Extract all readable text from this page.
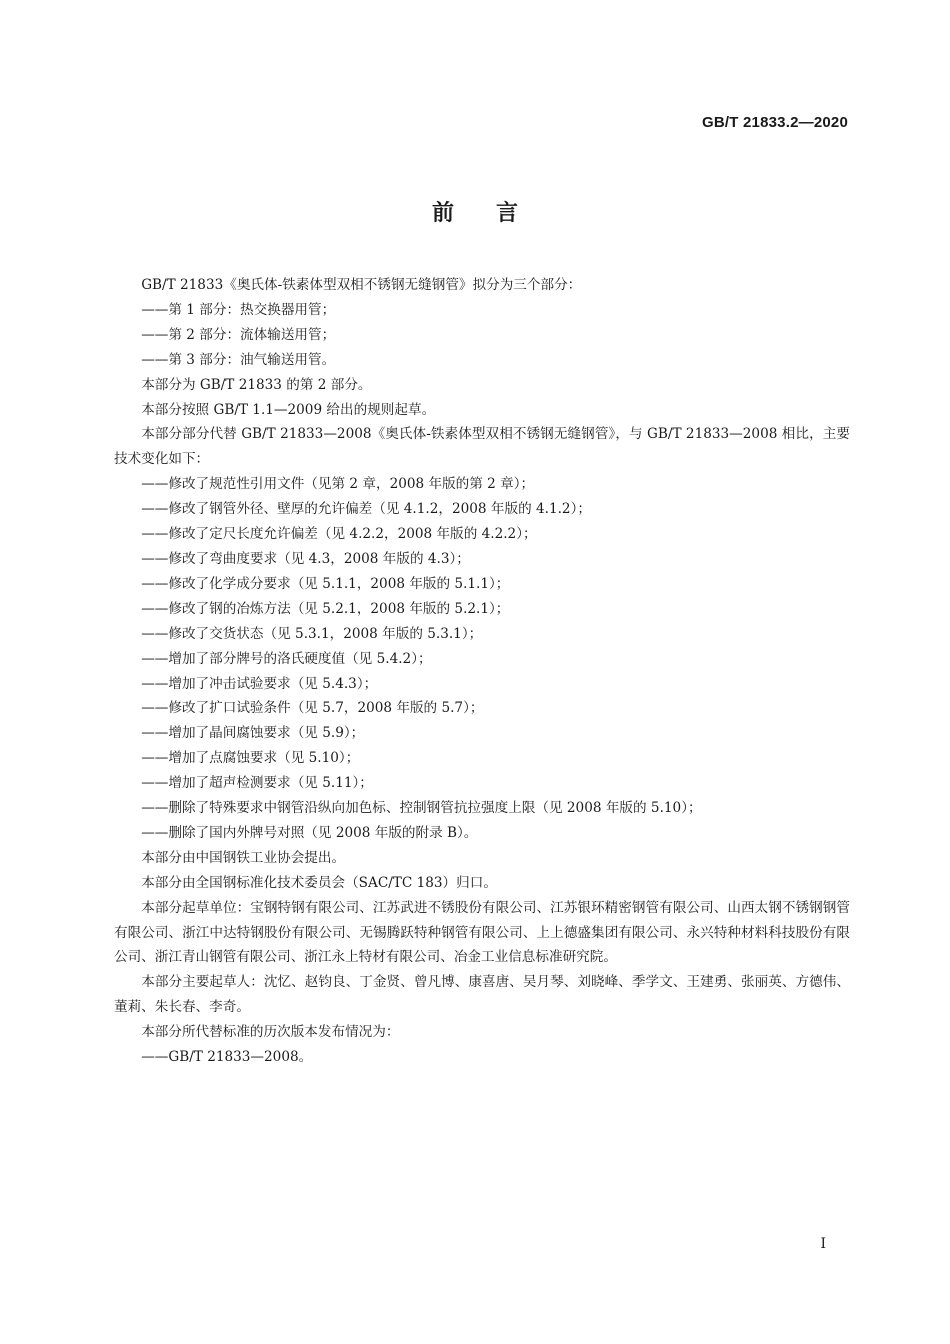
GB/T 21833.2—2020
前言

GB/T 21833《奥氏体-铁素体型双相不锈钢无缝钢管》拟分为三个部分：

——第 1 部分：热交换器用管；

——第 2 部分：流体输送用管；

——第 3 部分：油气输送用管。

本部分为 GB/T 21833 的第 2 部分。

本部分按照 GB/T 1.1—2009 给出的规则起草。

本部分部分代替 GB/T 21833—2008《奥氏体-铁素体型双相不锈钢无缝钢管》，与 GB/T 21833—2008 相比，主要技术变化如下：

——修改了规范性引用文件（见第 2 章，2008 年版的第 2 章）；

——修改了钢管外径、壁厚的允许偏差（见 4.1.2，2008 年版的 4.1.2）；

——修改了定尺长度允许偏差（见 4.2.2，2008 年版的 4.2.2）；

——修改了弯曲度要求（见 4.3，2008 年版的 4.3）；

——修改了化学成分要求（见 5.1.1，2008 年版的 5.1.1）；

——修改了钢的冶炼方法（见 5.2.1，2008 年版的 5.2.1）；

——修改了交货状态（见 5.3.1，2008 年版的 5.3.1）；

——增加了部分牌号的洛氏硬度值（见 5.4.2）；

——增加了冲击试验要求（见 5.4.3）；

——修改了扩口试验条件（见 5.7，2008 年版的 5.7）；

——增加了晶间腐蚀要求（见 5.9）；

——增加了点腐蚀要求（见 5.10）；

——增加了超声检测要求（见 5.11）；

——删除了特殊要求中钢管沿纵向加色标、控制钢管抗拉强度上限（见 2008 年版的 5.10）；

——删除了国内外牌号对照（见 2008 年版的附录 B）。

本部分由中国钢铁工业协会提出。

本部分由全国钢标准化技术委员会（SAC/TC 183）归口。

本部分起草单位：宝钢特钢有限公司、江苏武进不锈股份有限公司、江苏银环精密钢管有限公司、山西太钢不锈钢钢管有限公司、浙江中达特钢股份有限公司、无锡腾跃特种钢管有限公司、上上德盛集团有限公司、永兴特种材料科技股份有限公司、浙江青山钢管有限公司、浙江永上特材有限公司、冶金工业信息标准研究院。

本部分主要起草人：沈忆、赵钧良、丁金贤、曾凡博、康喜唐、吴月琴、刘晓峰、季学文、王建勇、张丽英、方德伟、董莉、朱长春、李奇。

本部分所代替标准的历次版本发布情况为：

——GB/T 21833—2008。

I
